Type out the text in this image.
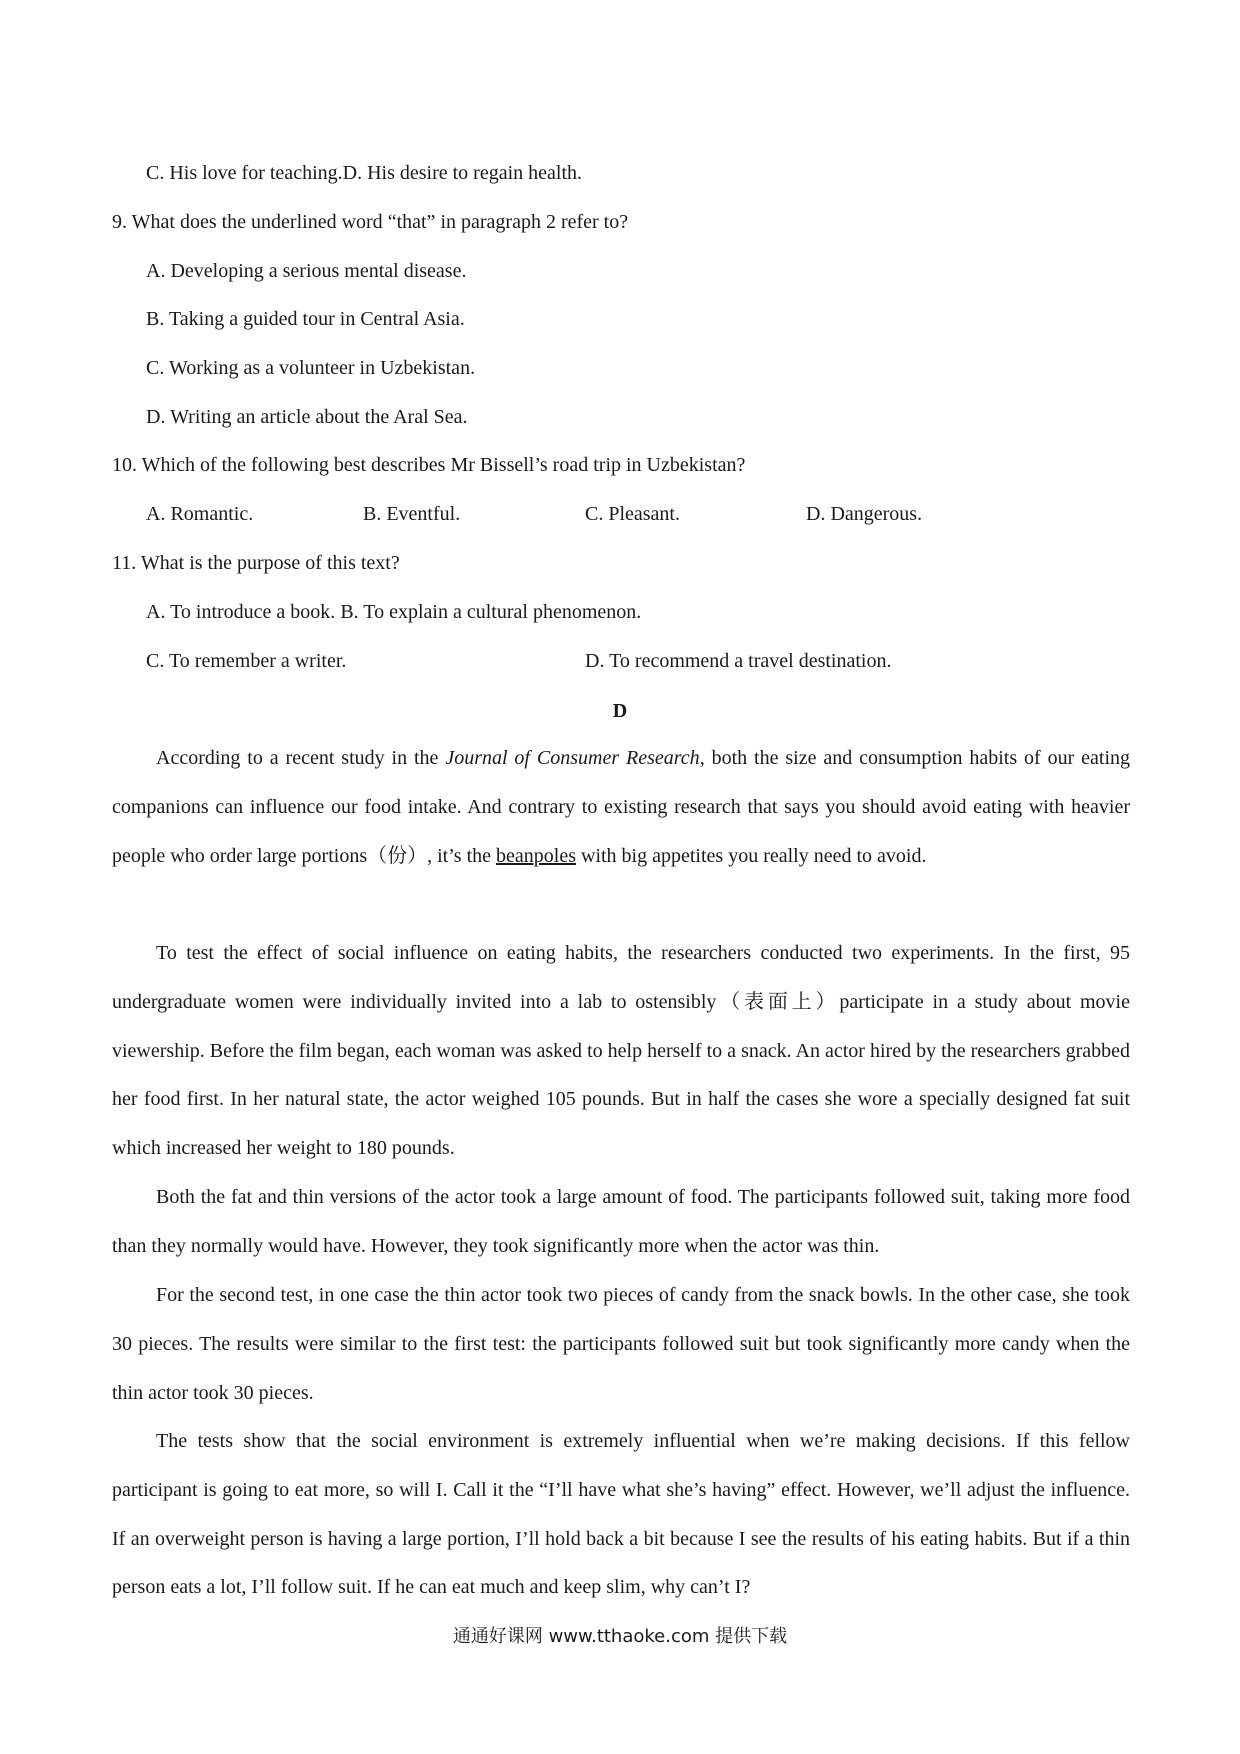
C. His love for teaching.D. His desire to regain health.
9. What does the underlined word “that” in paragraph 2 refer to?
A. Developing a serious mental disease.
B. Taking a guided tour in Central Asia.
C. Working as a volunteer in Uzbekistan.
D. Writing an article about the Aral Sea.
10. Which of the following best describes Mr Bissell’s road trip in Uzbekistan?
A. Romantic.	B. Eventful.	C. Pleasant.	D. Dangerous.
11. What is the purpose of this text?
A. To introduce a book. B. To explain a cultural phenomenon.
C. To remember a writer.	D. To recommend a travel destination.
D

According to a recent study in the Journal of Consumer Research, both the size and consumption habits of our eating companions can influence our food intake. And contrary to existing research that says you should avoid eating with heavier people who order large portions（份）, it’s the beanpoles with big appetites you really need to avoid.

To test the effect of social influence on eating habits, the researchers conducted two experiments. In the first, 95 undergraduate women were individually invited into a lab to ostensibly（表面上）participate in a study about movie viewership. Before the film began, each woman was asked to help herself to a snack. An actor hired by the researchers grabbed her food first. In her natural state, the actor weighed 105 pounds. But in half the cases she wore a specially designed fat suit which increased her weight to 180 pounds.

Both the fat and thin versions of the actor took a large amount of food. The participants followed suit, taking more food than they normally would have. However, they took significantly more when the actor was thin.

For the second test, in one case the thin actor took two pieces of candy from the snack bowls. In the other case, she took 30 pieces. The results were similar to the first test: the participants followed suit but took significantly more candy when the thin actor took 30 pieces.

The tests show that the social environment is extremely influential when we’re making decisions. If this fellow participant is going to eat more, so will I. Call it the “I’ll have what she’s having” effect. However, we’ll adjust the influence. If an overweight person is having a large portion, I’ll hold back a bit because I see the results of his eating habits. But if a thin person eats a lot, I’ll follow suit. If he can eat much and keep slim, why can’t I?

通通好课网 www.tthaoke.com 提供下载
